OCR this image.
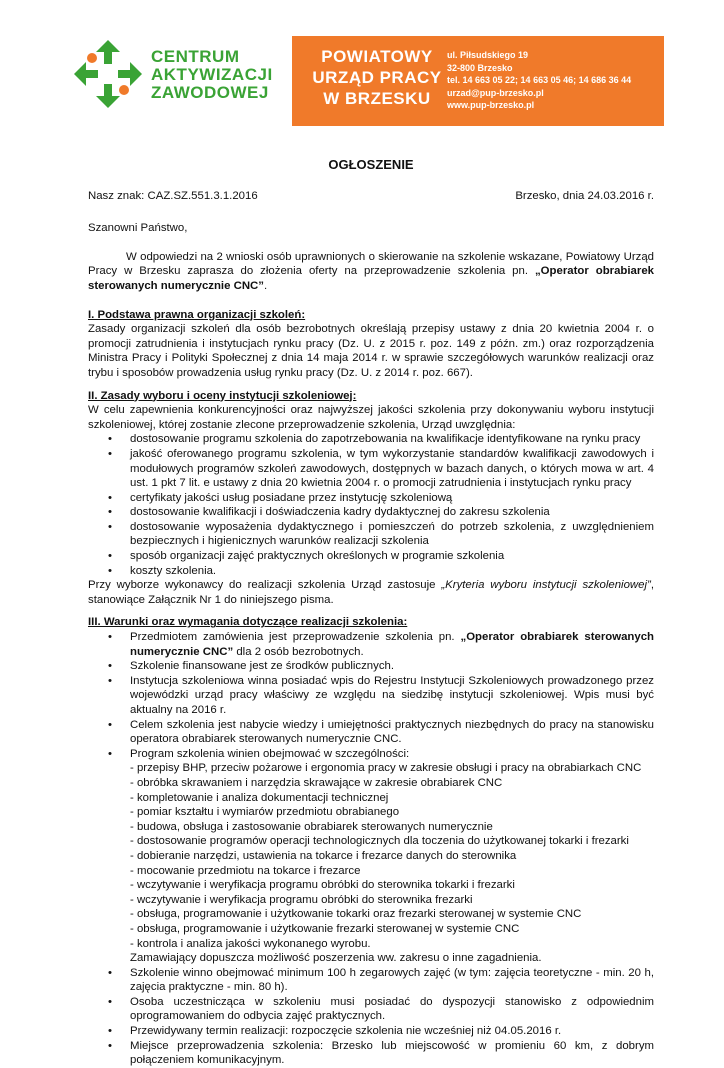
CENTRUM
AKTYWIZACJI
ZAWODOWEJ
POWIATOWY
URZĄD PRACY
W BRZESKU
ul. Piłsudskiego 19
32-800 Brzesko
tel. 14 663 05 22; 14 663 05 46; 14 686 36 44
urzad@pup-brzesko.pl
www.pup-brzesko.pl
OGŁOSZENIE
Nasz znak: CAZ.SZ.551.3.1.2016	Brzesko, dnia 24.03.2016 r.

Szanowni Państwo,

W odpowiedzi na 2 wnioski osób uprawnionych o skierowanie na szkolenie wskazane, Powiatowy Urząd Pracy w Brzesku zaprasza do złożenia oferty na przeprowadzenie szkolenia pn. „Operator obrabiarek sterowanych numerycznie CNC”.

I. Podstawa prawna organizacji szkoleń:

Zasady organizacji szkoleń dla osób bezrobotnych określają przepisy ustawy z dnia 20 kwietnia 2004 r. o promocji zatrudnienia i instytucjach rynku pracy (Dz. U. z 2015 r. poz. 149 z późn. zm.) oraz rozporządzenia Ministra Pracy i Polityki Społecznej z dnia 14 maja 2014 r. w sprawie szczegółowych warunków realizacji oraz trybu i sposobów prowadzenia usług rynku pracy (Dz. U. z 2014 r. poz. 667).

II. Zasady wyboru i oceny instytucji szkoleniowej:

W celu zapewnienia konkurencyjności oraz najwyższej jakości szkolenia przy dokonywaniu wyboru instytucji szkoleniowej, której zostanie zlecone przeprowadzenie szkolenia, Urząd uwzględnia:

• dostosowanie programu szkolenia do zapotrzebowania na kwalifikacje identyfikowane na rynku pracy
• jakość oferowanego programu szkolenia, w tym wykorzystanie standardów kwalifikacji zawodowych i modułowych programów szkoleń zawodowych, dostępnych w bazach danych, o których mowa w art. 4 ust. 1 pkt 7 lit. e ustawy z dnia 20 kwietnia 2004 r. o promocji zatrudnienia i instytucjach rynku pracy
• certyfikaty jakości usług posiadane przez instytucję szkoleniową
• dostosowanie kwalifikacji i doświadczenia kadry dydaktycznej do zakresu szkolenia
• dostosowanie wyposażenia dydaktycznego i pomieszczeń do potrzeb szkolenia, z uwzględnieniem bezpiecznych i higienicznych warunków realizacji szkolenia
• sposób organizacji zajęć praktycznych określonych w programie szkolenia
• koszty szkolenia.

Przy wyborze wykonawcy do realizacji szkolenia Urząd zastosuje „Kryteria wyboru instytucji szkoleniowej”, stanowiące Załącznik Nr 1 do niniejszego pisma.

III. Warunki oraz wymagania dotyczące realizacji szkolenia:

• Przedmiotem zamówienia jest przeprowadzenie szkolenia pn. „Operator obrabiarek sterowanych numerycznie CNC” dla 2 osób bezrobotnych.
• Szkolenie finansowane jest ze środków publicznych.
• Instytucja szkoleniowa winna posiadać wpis do Rejestru Instytucji Szkoleniowych prowadzonego przez wojewódzki urząd pracy właściwy ze względu na siedzibę instytucji szkoleniowej. Wpis musi być aktualny na 2016 r.
• Celem szkolenia jest nabycie wiedzy i umiejętności praktycznych niezbędnych do pracy na stanowisku operatora obrabiarek sterowanych numerycznie CNC.
• Program szkolenia winien obejmować w szczególności:
- przepisy BHP, przeciw pożarowe i ergonomia pracy w zakresie obsługi i pracy na obrabiarkach CNC
- obróbka skrawaniem i narzędzia skrawające w zakresie obrabiarek CNC
- kompletowanie i analiza dokumentacji technicznej
- pomiar kształtu i wymiarów przedmiotu obrabianego
- budowa, obsługa i zastosowanie obrabiarek sterowanych numerycznie
- dostosowanie programów operacji technologicznych dla toczenia do użytkowanej tokarki i frezarki
- dobieranie narzędzi, ustawienia na tokarce i frezarce danych do sterownika
- mocowanie przedmiotu na tokarce i frezarce
- wczytywanie i weryfikacja programu obróbki do sterownika tokarki i frezarki
- wczytywanie i weryfikacja programu obróbki do sterownika frezarki
- obsługa, programowanie i użytkowanie tokarki oraz frezarki sterowanej w systemie CNC
- obsługa, programowanie i użytkowanie frezarki sterowanej w systemie CNC
- kontrola i analiza jakości wykonanego wyrobu.
Zamawiający dopuszcza możliwość poszerzenia ww. zakresu o inne zagadnienia.
• Szkolenie winno obejmować minimum 100 h zegarowych zajęć (w tym: zajęcia teoretyczne - min. 20 h, zajęcia praktyczne - min. 80 h).
• Osoba uczestnicząca w szkoleniu musi posiadać do dyspozycji stanowisko z odpowiednim oprogramowaniem do odbycia zajęć praktycznych.
• Przewidywany termin realizacji: rozpoczęcie szkolenia nie wcześniej niż 04.05.2016 r.
• Miejsce przeprowadzenia szkolenia: Brzesko lub miejscowość w promieniu 60 km, z dobrym połączeniem komunikacyjnym.
